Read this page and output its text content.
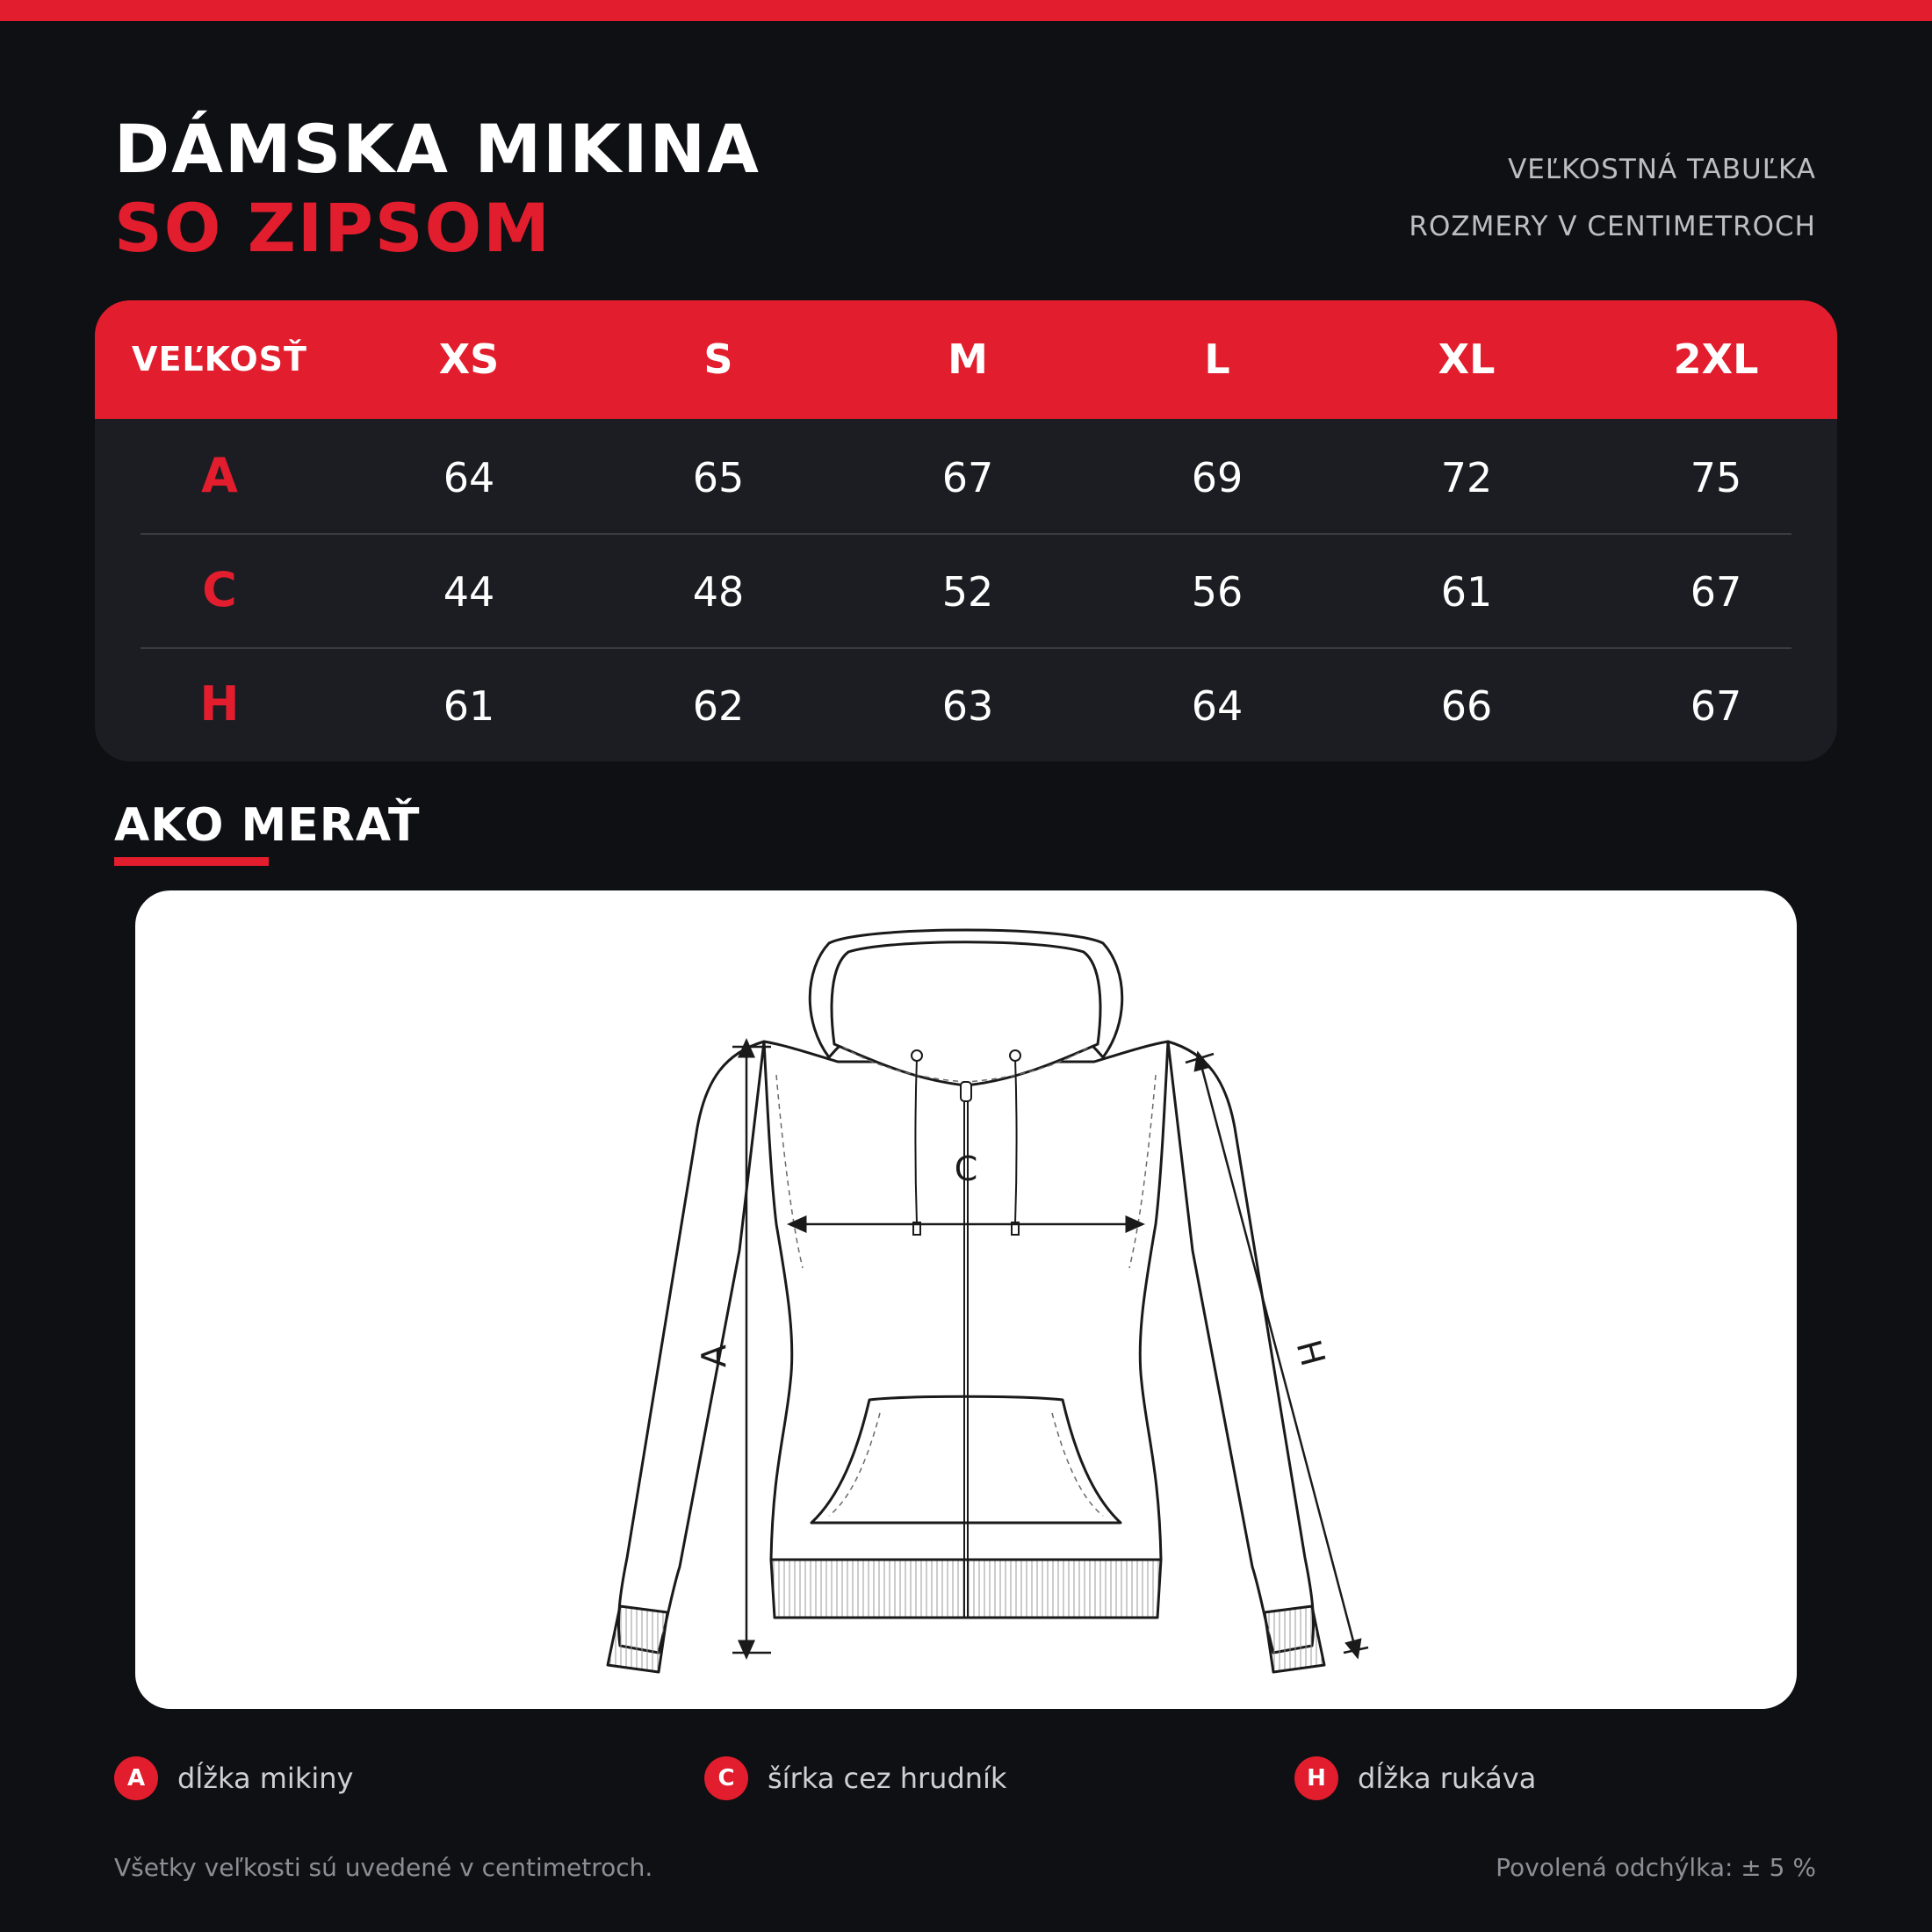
DÁMSKA MIKINA
SO ZIPSOM
VEĽKOSTNÁ TABUĽKA
ROZMERY V CENTIMETROCH
VEĽKOSŤ	XS	S	M	L	XL	2XL
A	64	65	67	69	72	75
C	44	48	52	56	61	67
H	61	62	63	64	66	67
AKO MERAŤ
A
C
H
A	dĺžka mikiny	C	šírka cez hrudník	H	dĺžka rukáva
Všetky veľkosti sú uvedené v centimetroch.	Povolená odchýlka: ± 5 %
